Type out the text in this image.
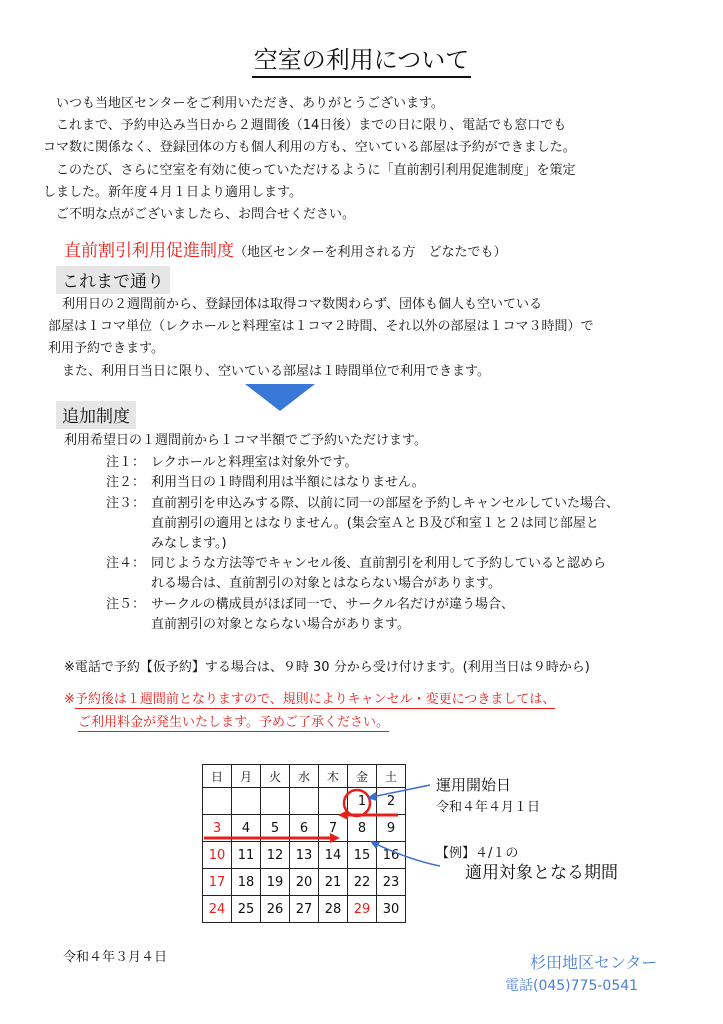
空室の利用について
　いつも当地区センターをご利用いただき、ありがとうございます。
　これまで、予約申込み当日から２週間後（14日後）までの日に限り、電話でも窓口でも
コマ数に関係なく、登録団体の方も個人利用の方も、空いている部屋は予約ができました。
　このたび、さらに空室を有効に使っていただけるように「直前割引利用促進制度」を策定
しました。新年度４月１日より適用します。
　ご不明な点がございましたら、お問合せください。
直前割引利用促進制度（地区センターを利用される方　どなたでも）
これまで通り
利用日の２週間前から、登録団体は取得コマ数関わらず、団体も個人も空いている
部屋は１コマ単位（レクホールと料理室は１コマ２時間、それ以外の部屋は１コマ３時間）で
利用予約できます。
また、利用日当日に限り、空いている部屋は１時間単位で利用できます。
追加制度
利用希望日の１週間前から１コマ半額でご予約いただけます。
注１： レクホールと料理室は対象外です。
注２： 利用当日の１時間利用は半額にはなりません。
注３： 直前割引を申込みする際、以前に同一の部屋を予約しキャンセルしていた場合、
直前割引の適用とはなりません。(集会室ＡとＢ及び和室１と２は同じ部屋と
みなします。)
注４： 同じような方法等でキャンセル後、直前割引を利用して予約していると認めら
れる場合は、直前割引の対象とはならない場合があります。
注５： サークルの構成員がほぼ同一で、サークル名だけが違う場合、
直前割引の対象とならない場合があります。
※電話で予約【仮予約】する場合は、９時 30 分から受け付けます。(利用当日は９時から)
※予約後は１週間前となりますので、規則によりキャンセル・変更につきましては、
ご利用料金が発生いたします。予めご了承ください。
日	月	火	水	木	金	土
					1	2
3	4	5	6	7	8	9
10	11	12	13	14	15	16
17	18	19	20	21	22	23
24	25	26	27	28	29	30
運用開始日
令和４年４月１日
【例】４/１の
適用対象となる期間
令和４年３月４日	杉田地区センター
電話(045)775-0541
